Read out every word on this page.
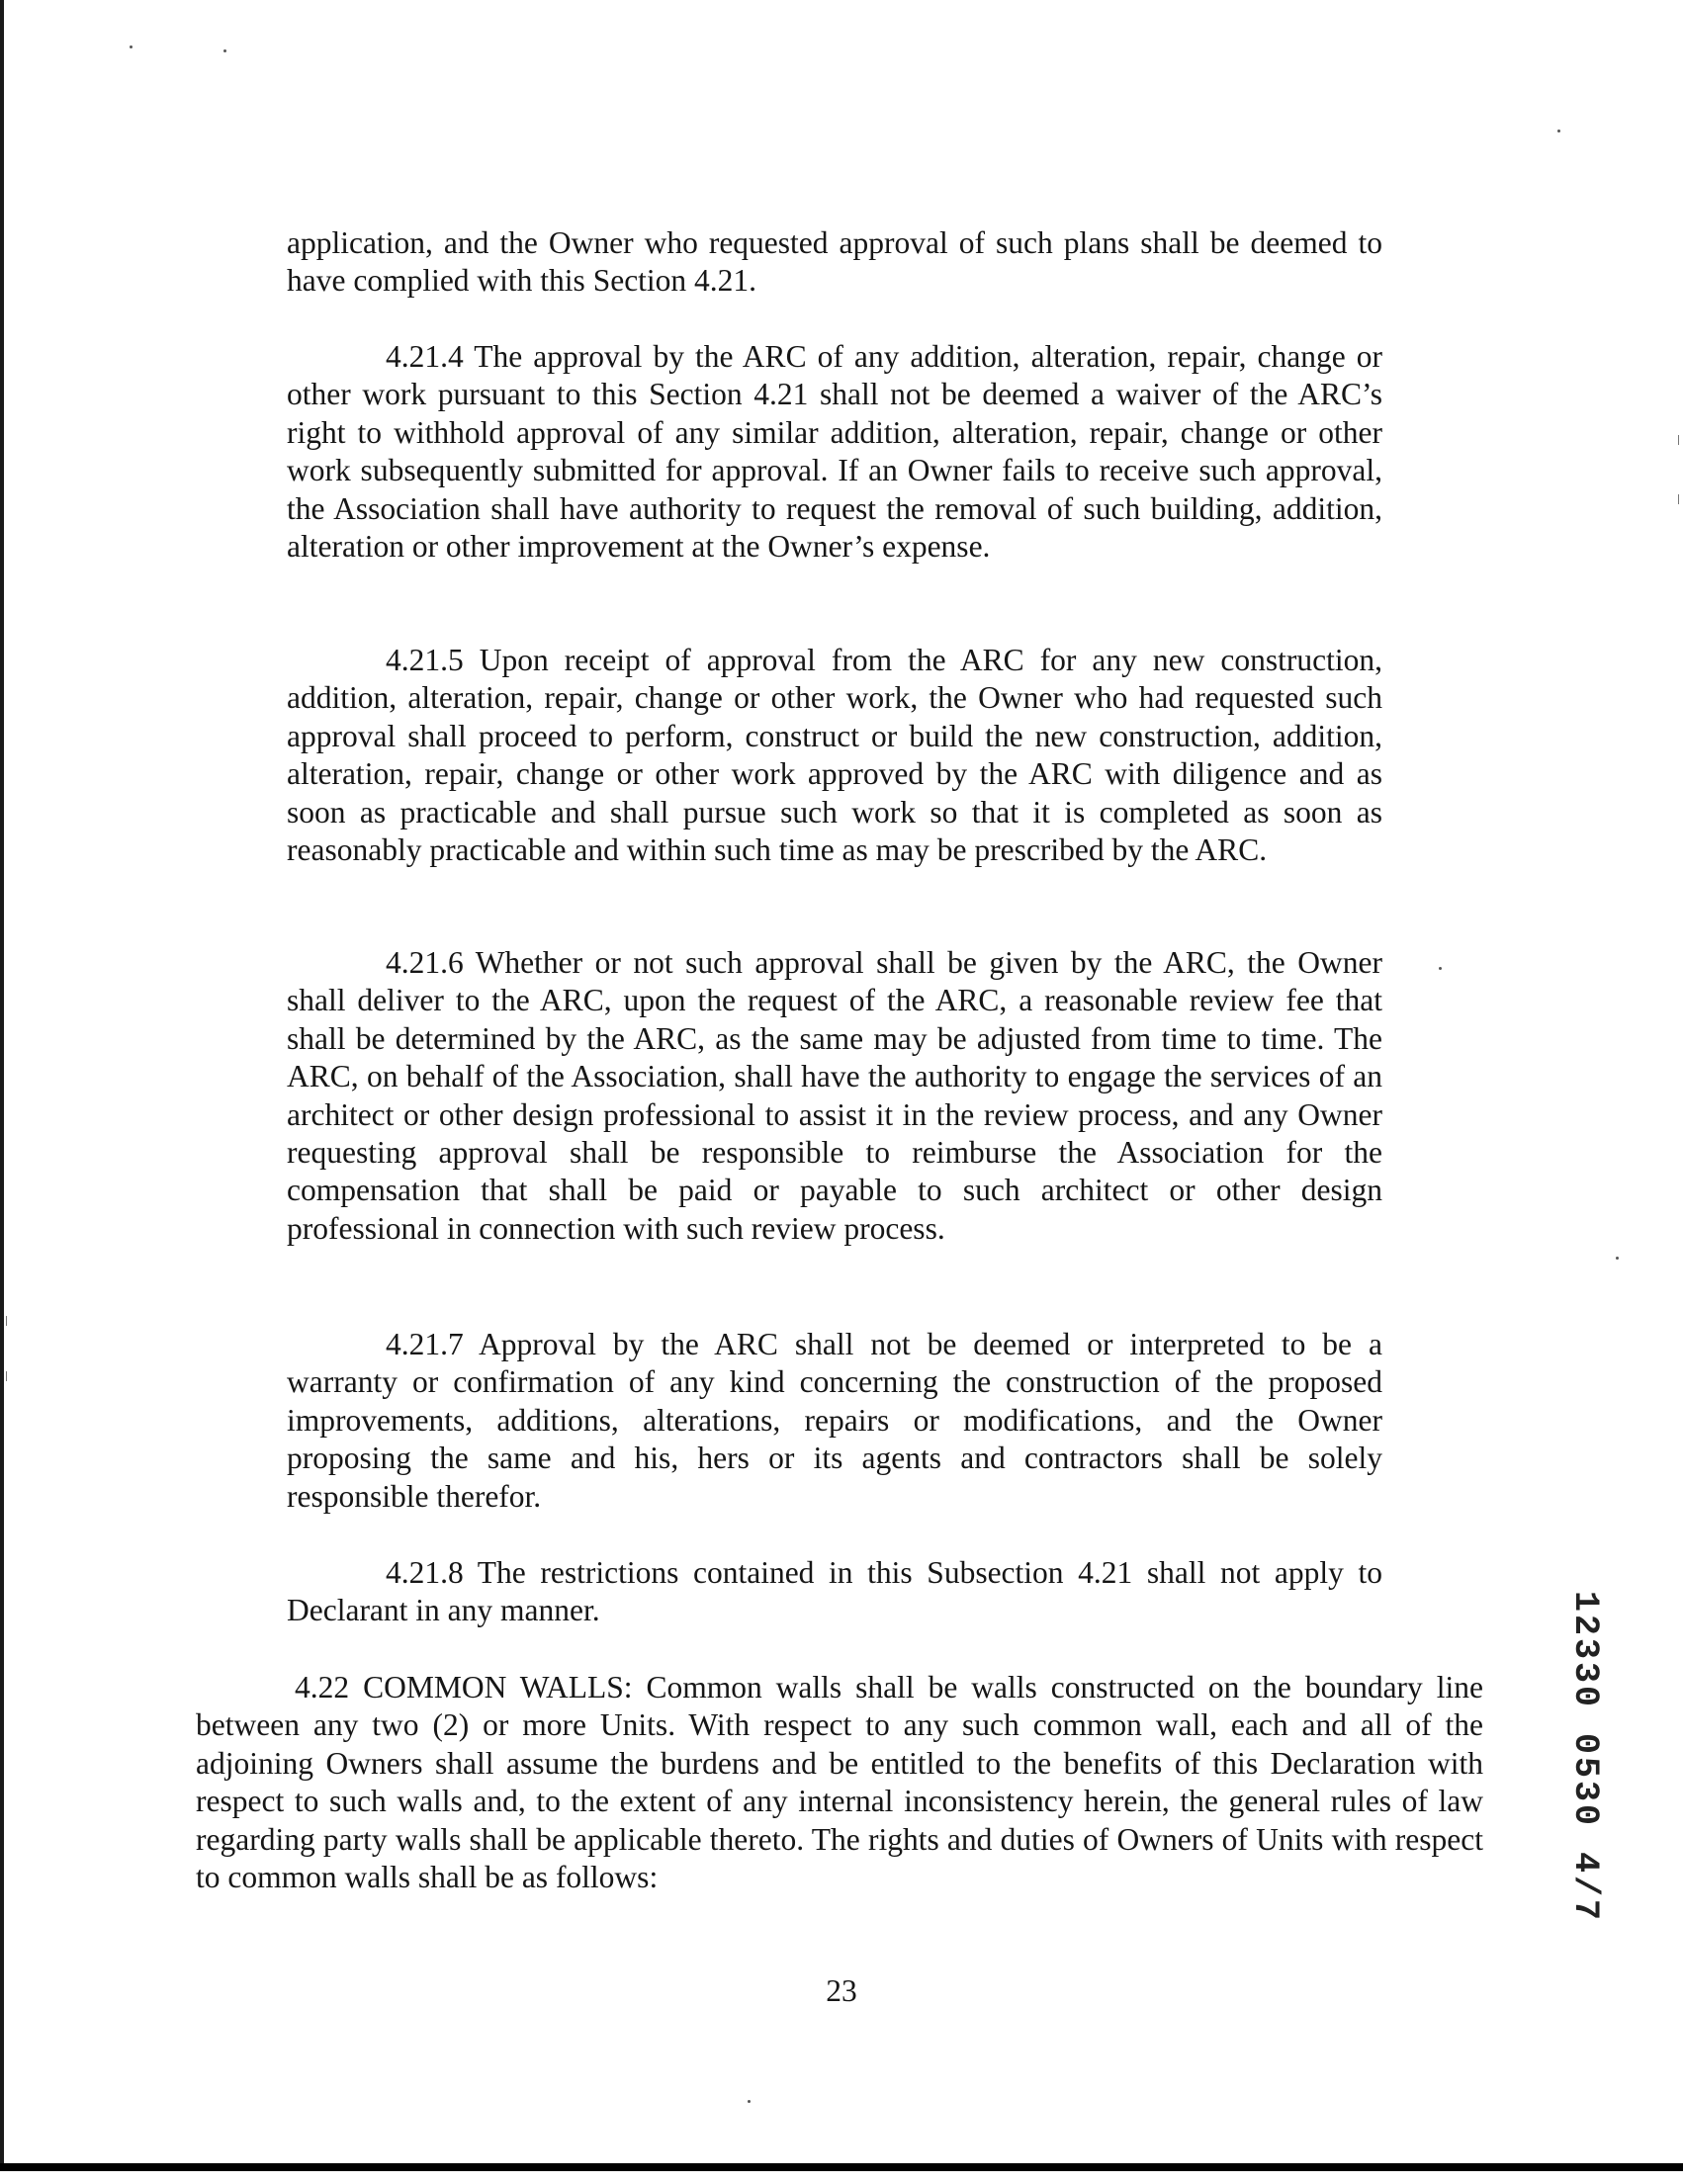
application, and the Owner who requested approval of such plans shall be deemed to have complied with this Section 4.21.

4.21.4 The approval by the ARC of any addition, alteration, repair, change or other work pursuant to this Section 4.21 shall not be deemed a waiver of the ARC’s right to withhold approval of any similar addition, alteration, repair, change or other work subsequently submitted for approval. If an Owner fails to receive such approval, the Association shall have authority to request the removal of such building, addition, alteration or other improvement at the Owner’s expense.

4.21.5 Upon receipt of approval from the ARC for any new construction, addition, alteration, repair, change or other work, the Owner who had requested such approval shall proceed to perform, construct or build the new construction, addition, alteration, repair, change or other work approved by the ARC with diligence and as soon as practicable and shall pursue such work so that it is completed as soon as reasonably practicable and within such time as may be prescribed by the ARC.

4.21.6 Whether or not such approval shall be given by the ARC, the Owner shall deliver to the ARC, upon the request of the ARC, a reasonable review fee that shall be determined by the ARC, as the same may be adjusted from time to time. The ARC, on behalf of the Association, shall have the authority to engage the services of an architect or other design professional to assist it in the review process, and any Owner requesting approval shall be responsible to reimburse the Association for the compensation that shall be paid or payable to such architect or other design professional in connection with such review process.

4.21.7 Approval by the ARC shall not be deemed or interpreted to be a warranty or confirmation of any kind concerning the construction of the proposed improvements, additions, alterations, repairs or modifications, and the Owner proposing the same and his, hers or its agents and contractors shall be solely responsible therefor.

4.21.8 The restrictions contained in this Subsection 4.21 shall not apply to Declarant in any manner.

4.22 COMMON WALLS: Common walls shall be walls constructed on the boundary line between any two (2) or more Units. With respect to any such common wall, each and all of the adjoining Owners shall assume the burdens and be entitled to the benefits of this Declaration with respect to such walls and, to the extent of any internal inconsistency herein, the general rules of law regarding party walls shall be applicable thereto. The rights and duties of Owners of Units with respect to common walls shall be as follows:

23
12330 0530 4/7
